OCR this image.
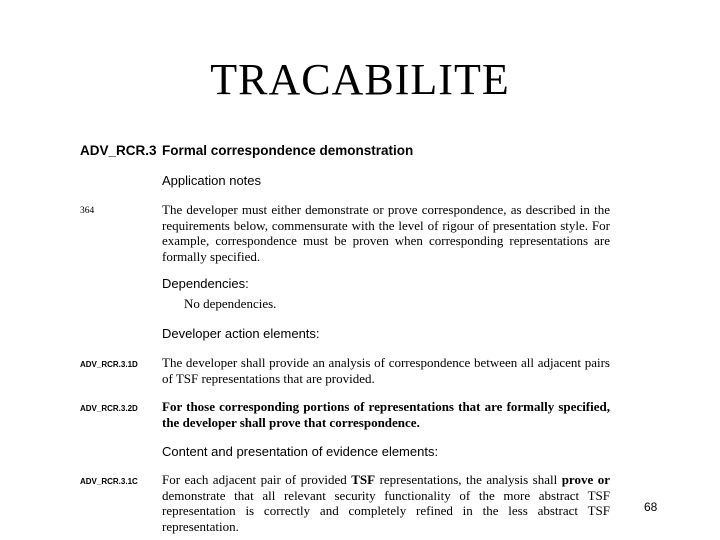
TRACABILITE
ADV_RCR.3 Formal correspondence demonstration
Application notes
364	The developer must either demonstrate or prove correspondence, as described in the requirements below, commensurate with the level of rigour of presentation style. For example, correspondence must be proven when corresponding representations are formally specified.
Dependencies:
No dependencies.
Developer action elements:
ADV_RCR.3.1D The developer shall provide an analysis of correspondence between all adjacent pairs of TSF representations that are provided.
ADV_RCR.3.2D For those corresponding portions of representations that are formally specified, the developer shall prove that correspondence.
Content and presentation of evidence elements:
ADV_RCR.3.1C For each adjacent pair of provided TSF representations, the analysis shall prove or demonstrate that all relevant security functionality of the more abstract TSF representation is correctly and completely refined in the less abstract TSF representation.
68
